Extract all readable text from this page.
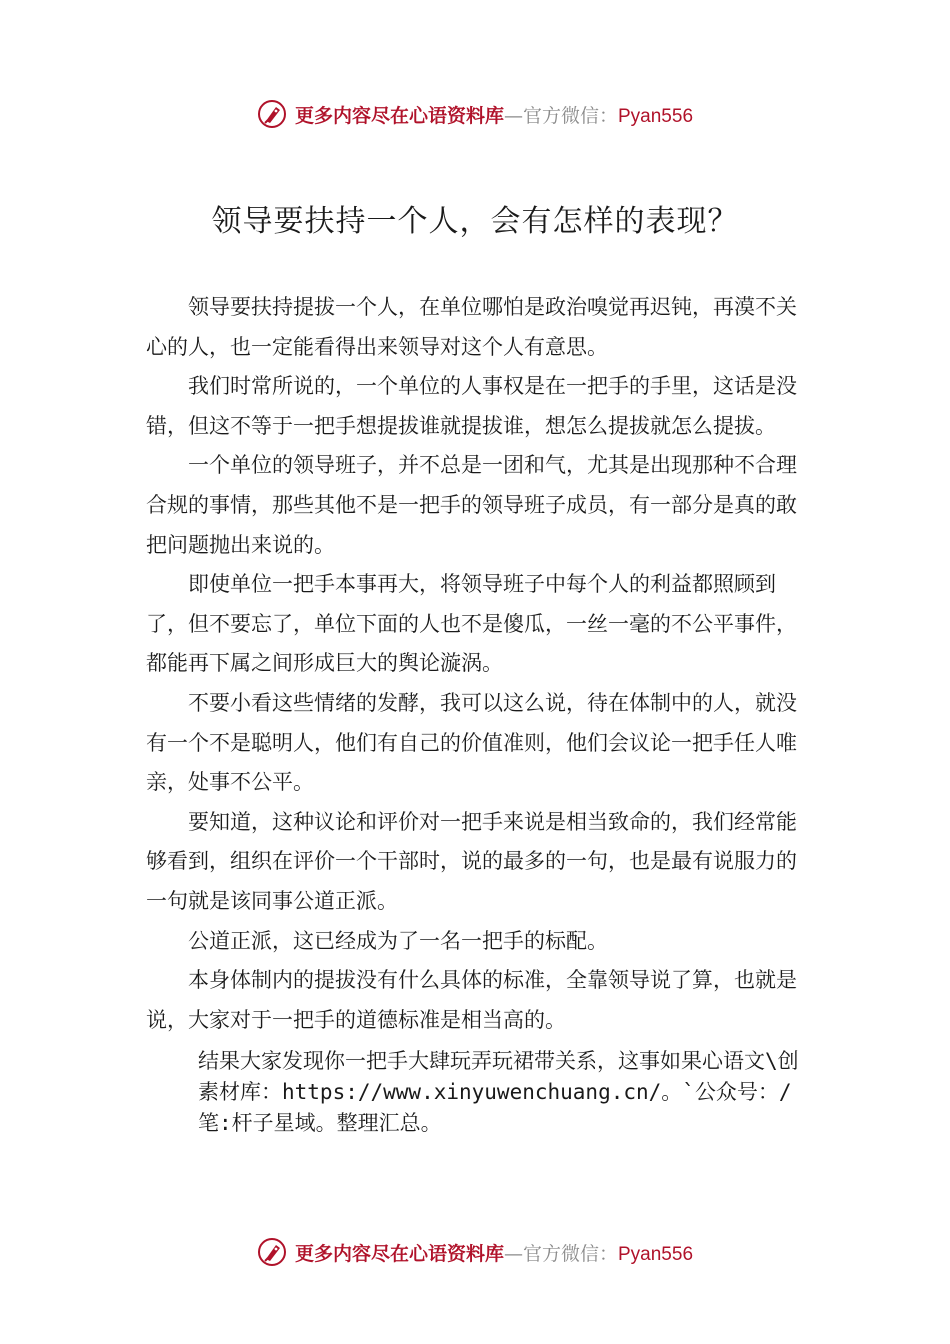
更多内容尽在心语资料库—官方微信：Pyan556
领导要扶持一个人，会有怎样的表现？

领导要扶持提拔一个人，在单位哪怕是政治嗅觉再迟钝，再漠不关心的人，也一定能看得出来领导对这个人有意思。

我们时常所说的，一个单位的人事权是在一把手的手里，这话是没错，但这不等于一把手想提拔谁就提拔谁，想怎么提拔就怎么提拔。

一个单位的领导班子，并不总是一团和气，尤其是出现那种不合理合规的事情，那些其他不是一把手的领导班子成员，有一部分是真的敢把问题抛出来说的。

即使单位一把手本事再大，将领导班子中每个人的利益都照顾到了，但不要忘了，单位下面的人也不是傻瓜，一丝一毫的不公平事件，都能再下属之间形成巨大的舆论漩涡。

不要小看这些情绪的发酵，我可以这么说，待在体制中的人，就没有一个不是聪明人，他们有自己的价值准则，他们会议论一把手任人唯亲，处事不公平。

要知道，这种议论和评价对一把手来说是相当致命的，我们经常能够看到，组织在评价一个干部时，说的最多的一句，也是最有说服力的一句就是该同事公道正派。

公道正派，这已经成为了一名一把手的标配。

本身体制内的提拔没有什么具体的标准，全靠领导说了算，也就是说，大家对于一把手的道德标准是相当高的。

结果大家发现你一把手大肆玩弄玩裙带关系，这事如果心语文\创素材库：https://www.xinyuwenchuang.cn/。`公众号：/笔:杆子星域。整理汇总。

更多内容尽在心语资料库—官方微信：Pyan556
